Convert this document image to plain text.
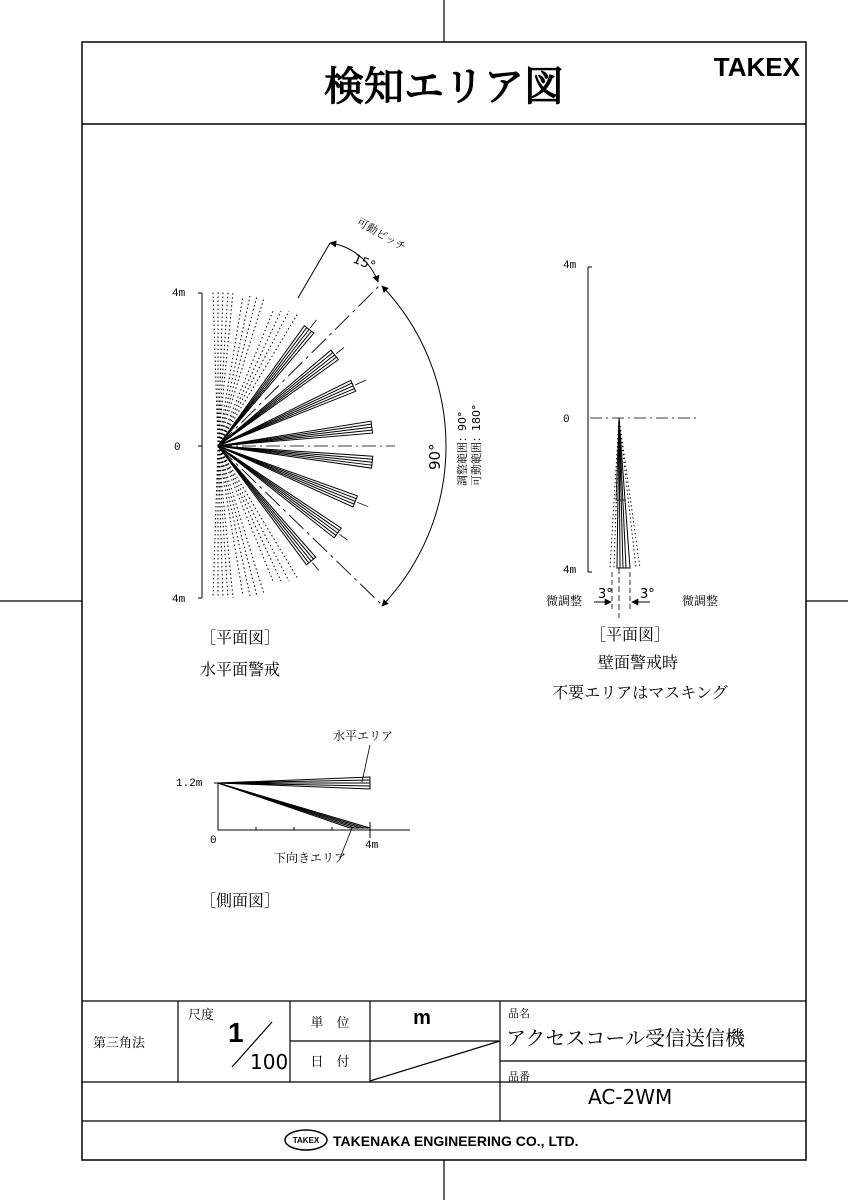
検知エリア図	TAKEX
4m
0
4m
15°
可動ピッチ
90° 調整範囲：90° 可動範囲：180°
［平面図］
水平面警戒
4m
0
4m
3° 3°
微調整	微調整
［平面図］
壁面警戒時
不要エリアはマスキング
水平エリア
1.2m
0	4m
下向きエリア
［側面図］
第三角法
尺度
1
100
単　位	m
日　付
品名
アクセスコール受信送信機
品番
AC-2WM
TAKEX TAKENAKA ENGINEERING CO., LTD.
